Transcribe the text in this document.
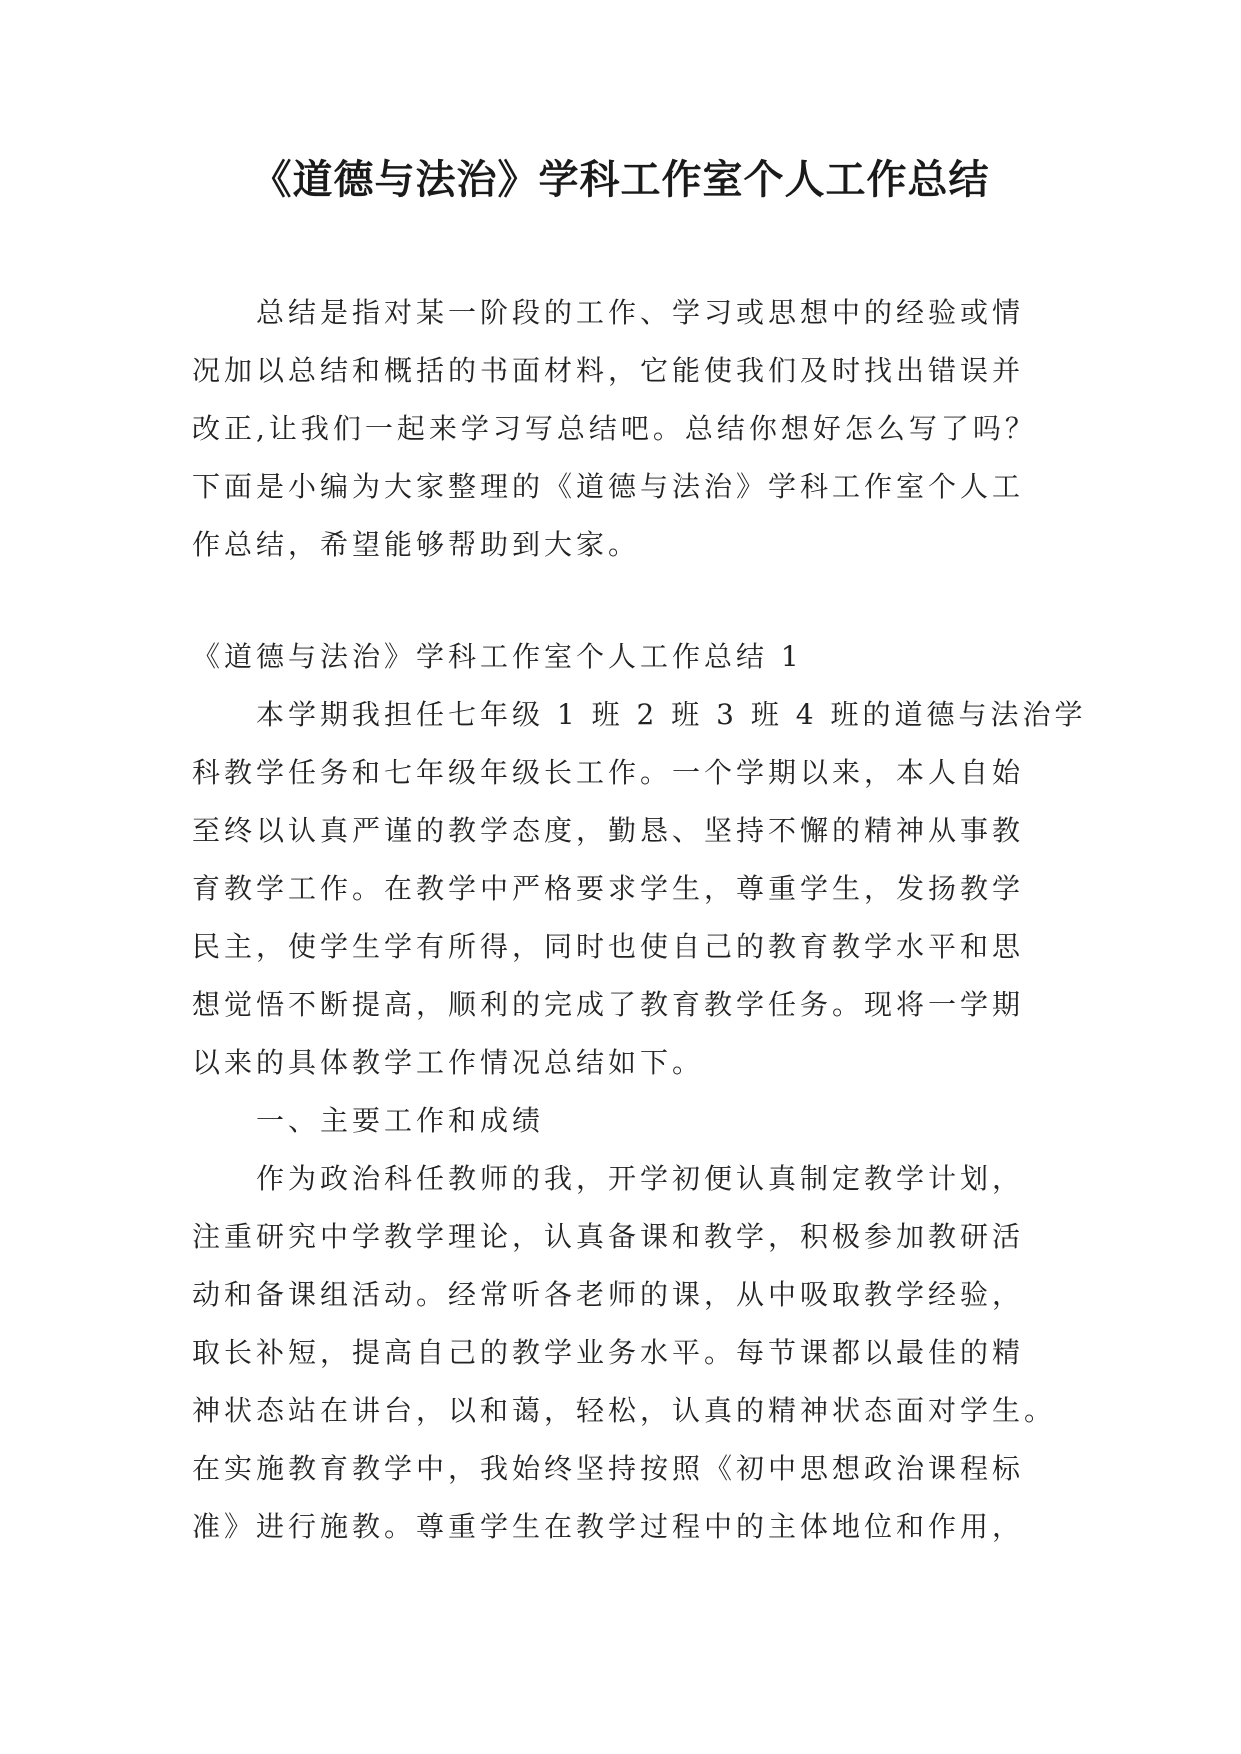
《道德与法治》学科工作室个人工作总结

总结是指对某一阶段的工作、学习或思想中的经验或情

况加以总结和概括的书面材料，它能使我们及时找出错误并

改正,让我们一起来学习写总结吧。总结你想好怎么写了吗？

下面是小编为大家整理的《道德与法治》学科工作室个人工

作总结，希望能够帮助到大家。

《道德与法治》学科工作室个人工作总结 1

本学期我担任七年级 1 班 2 班 3 班 4 班的道德与法治学

科教学任务和七年级年级长工作。一个学期以来，本人自始

至终以认真严谨的教学态度，勤恳、坚持不懈的精神从事教

育教学工作。在教学中严格要求学生，尊重学生，发扬教学

民主，使学生学有所得，同时也使自己的教育教学水平和思

想觉悟不断提高，顺利的完成了教育教学任务。现将一学期

以来的具体教学工作情况总结如下。

一、主要工作和成绩

作为政治科任教师的我，开学初便认真制定教学计划，

注重研究中学教学理论，认真备课和教学，积极参加教研活

动和备课组活动。经常听各老师的课，从中吸取教学经验，

取长补短，提高自己的教学业务水平。每节课都以最佳的精

神状态站在讲台，以和蔼，轻松，认真的精神状态面对学生。

在实施教育教学中，我始终坚持按照《初中思想政治课程标

准》进行施教。尊重学生在教学过程中的主体地位和作用，
